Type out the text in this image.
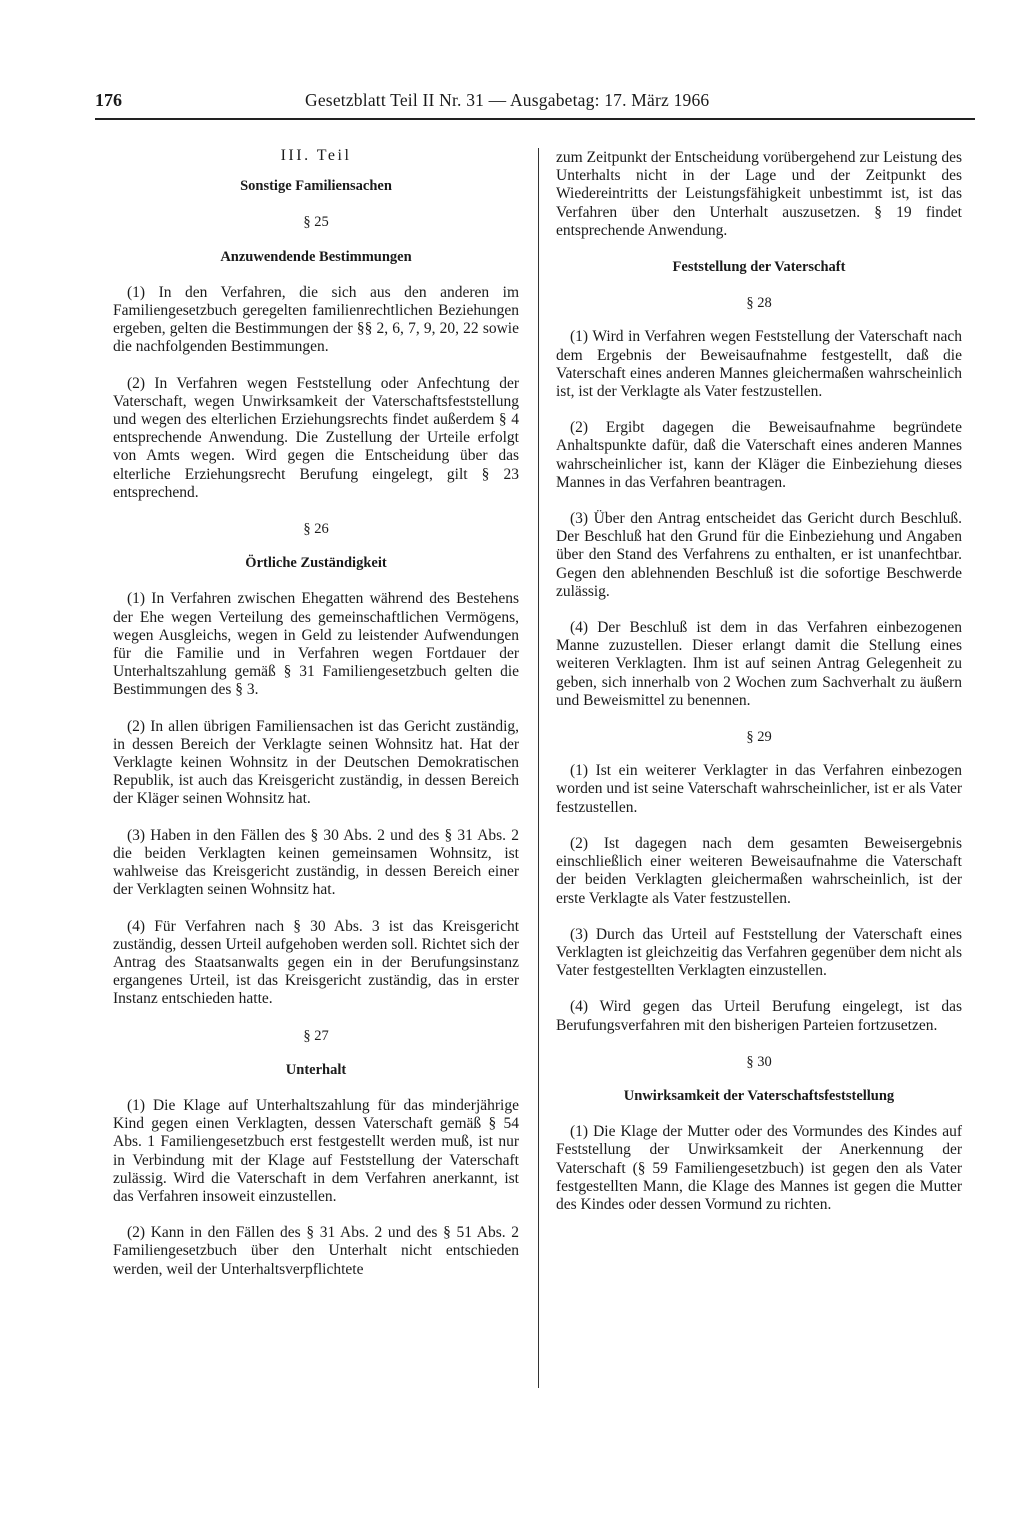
176	Gesetzblatt Teil II Nr. 31 — Ausgabetag: 17. März 1966
III. Teil
Sonstige Familiensachen
§ 25
Anzuwendende Bestimmungen

(1) In den Verfahren, die sich aus den anderen im Familiengesetzbuch geregelten familienrechtlichen Beziehungen ergeben, gelten die Bestimmungen der §§ 2, 6, 7, 9, 20, 22 sowie die nachfolgenden Bestimmungen.

(2) In Verfahren wegen Feststellung oder Anfechtung der Vaterschaft, wegen Unwirksamkeit der Vaterschaftsfeststellung und wegen des elterlichen Erziehungsrechts findet außerdem § 4 entsprechende Anwendung. Die Zustellung der Urteile erfolgt von Amts wegen. Wird gegen die Entscheidung über das elterliche Erziehungsrecht Berufung eingelegt, gilt § 23 entsprechend.

§ 26
Örtliche Zuständigkeit

(1) In Verfahren zwischen Ehegatten während des Bestehens der Ehe wegen Verteilung des gemeinschaftlichen Vermögens, wegen Ausgleichs, wegen in Geld zu leistender Aufwendungen für die Familie und in Verfahren wegen Fortdauer der Unterhaltszahlung gemäß § 31 Familiengesetzbuch gelten die Bestimmungen des § 3.

(2) In allen übrigen Familiensachen ist das Gericht zuständig, in dessen Bereich der Verklagte seinen Wohnsitz hat. Hat der Verklagte keinen Wohnsitz in der Deutschen Demokratischen Republik, ist auch das Kreisgericht zuständig, in dessen Bereich der Kläger seinen Wohnsitz hat.

(3) Haben in den Fällen des § 30 Abs. 2 und des § 31 Abs. 2 die beiden Verklagten keinen gemeinsamen Wohnsitz, ist wahlweise das Kreisgericht zuständig, in dessen Bereich einer der Verklagten seinen Wohnsitz hat.

(4) Für Verfahren nach § 30 Abs. 3 ist das Kreisgericht zuständig, dessen Urteil aufgehoben werden soll. Richtet sich der Antrag des Staatsanwalts gegen ein in der Berufungsinstanz ergangenes Urteil, ist das Kreisgericht zuständig, das in erster Instanz entschieden hatte.

§ 27
Unterhalt

(1) Die Klage auf Unterhaltszahlung für das minderjährige Kind gegen einen Verklagten, dessen Vaterschaft gemäß § 54 Abs. 1 Familiengesetzbuch erst festgestellt werden muß, ist nur in Verbindung mit der Klage auf Feststellung der Vaterschaft zulässig. Wird die Vaterschaft in dem Verfahren anerkannt, ist das Verfahren insoweit einzustellen.

(2) Kann in den Fällen des § 31 Abs. 2 und des § 51 Abs. 2 Familiengesetzbuch über den Unterhalt nicht entschieden werden, weil der Unterhaltsverpflichtete

zum Zeitpunkt der Entscheidung vorübergehend zur Leistung des Unterhalts nicht in der Lage und der Zeitpunkt des Wiedereintritts der Leistungsfähigkeit unbestimmt ist, ist das Verfahren über den Unterhalt auszusetzen. § 19 findet entsprechende Anwendung.

Feststellung der Vaterschaft
§ 28

(1) Wird in Verfahren wegen Feststellung der Vaterschaft nach dem Ergebnis der Beweisaufnahme festgestellt, daß die Vaterschaft eines anderen Mannes gleichermaßen wahrscheinlich ist, ist der Verklagte als Vater festzustellen.

(2) Ergibt dagegen die Beweisaufnahme begründete Anhaltspunkte dafür, daß die Vaterschaft eines anderen Mannes wahrscheinlicher ist, kann der Kläger die Einbeziehung dieses Mannes in das Verfahren beantragen.

(3) Über den Antrag entscheidet das Gericht durch Beschluß. Der Beschluß hat den Grund für die Einbeziehung und Angaben über den Stand des Verfahrens zu enthalten, er ist unanfechtbar. Gegen den ablehnenden Beschluß ist die sofortige Beschwerde zulässig.

(4) Der Beschluß ist dem in das Verfahren einbezogenen Manne zuzustellen. Dieser erlangt damit die Stellung eines weiteren Verklagten. Ihm ist auf seinen Antrag Gelegenheit zu geben, sich innerhalb von 2 Wochen zum Sachverhalt zu äußern und Beweismittel zu benennen.

§ 29

(1) Ist ein weiterer Verklagter in das Verfahren einbezogen worden und ist seine Vaterschaft wahrscheinlicher, ist er als Vater festzustellen.

(2) Ist dagegen nach dem gesamten Beweisergebnis einschließlich einer weiteren Beweisaufnahme die Vaterschaft der beiden Verklagten gleichermaßen wahrscheinlich, ist der erste Verklagte als Vater festzustellen.

(3) Durch das Urteil auf Feststellung der Vaterschaft eines Verklagten ist gleichzeitig das Verfahren gegenüber dem nicht als Vater festgestellten Verklagten einzustellen.

(4) Wird gegen das Urteil Berufung eingelegt, ist das Berufungsverfahren mit den bisherigen Parteien fortzusetzen.

§ 30
Unwirksamkeit der Vaterschaftsfeststellung

(1) Die Klage der Mutter oder des Vormundes des Kindes auf Feststellung der Unwirksamkeit der Anerkennung der Vaterschaft (§ 59 Familiengesetzbuch) ist gegen den als Vater festgestellten Mann, die Klage des Mannes ist gegen die Mutter des Kindes oder dessen Vormund zu richten.
